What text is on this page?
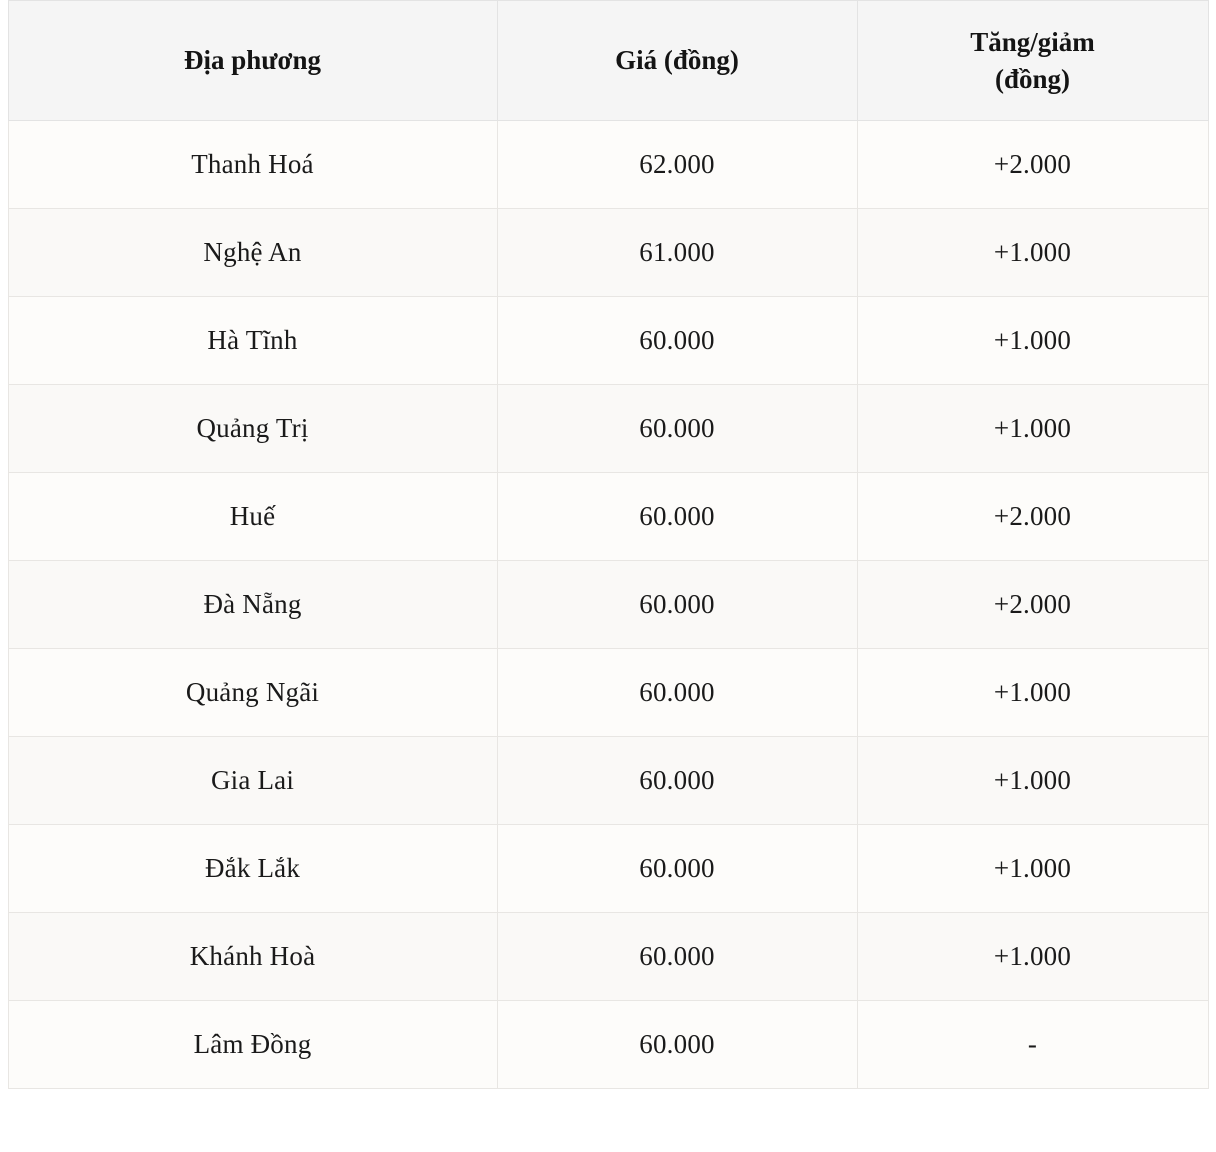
Địa phương	Giá (đồng)	Tăng/giảm
(đồng)
Thanh Hoá	62.000	+2.000
Nghệ An	61.000	+1.000
Hà Tĩnh	60.000	+1.000
Quảng Trị	60.000	+1.000
Huế	60.000	+2.000
Đà Nẵng	60.000	+2.000
Quảng Ngãi	60.000	+1.000
Gia Lai	60.000	+1.000
Đắk Lắk	60.000	+1.000
Khánh Hoà	60.000	+1.000
Lâm Đồng	60.000	-
